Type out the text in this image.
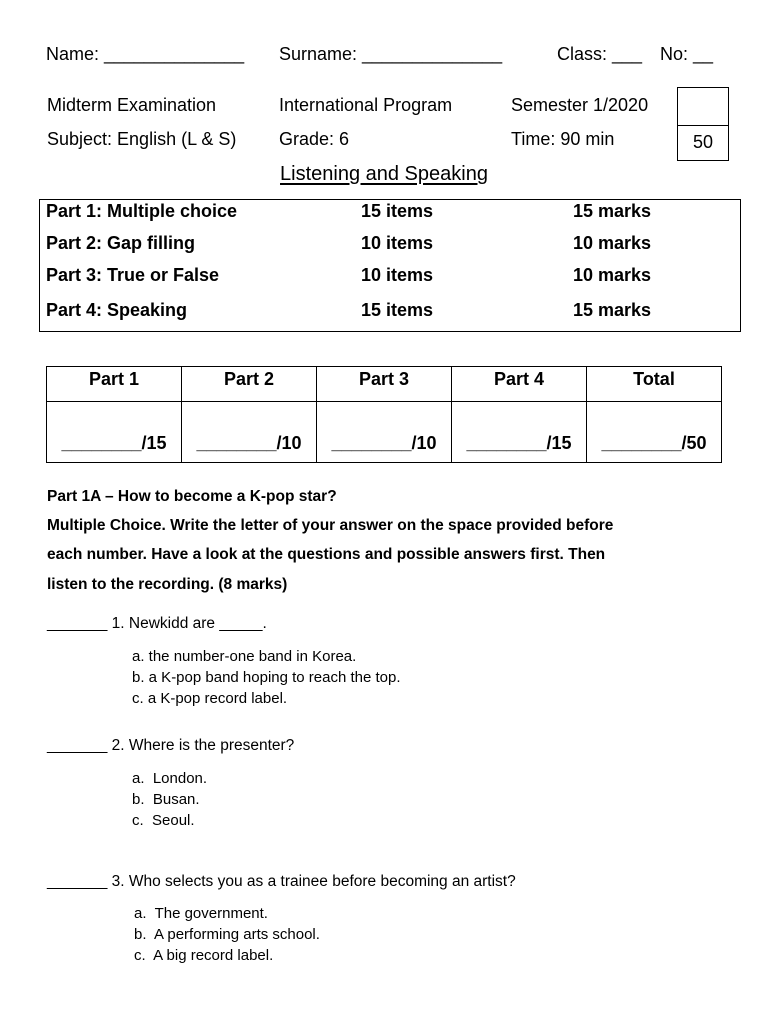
Name: ______________ Surname: ______________	Class: ___ No: __
Midterm Examination	International Program	Semester 1/2020
Subject: English (L & S) Grade: 6	Time: 90 min	50
Listening and Speaking
Part 1: Multiple choice	15 items	15 marks
Part 2: Gap filling	10 items	10 marks
Part 3: True or False	10 items	10 marks
Part 4: Speaking	15 items	15 marks
Part 1	Part 2	Part 3	Part 4	Total
________/15	________/10	________/10	________/15	________/50
Part 1A – How to become a K-pop star?
Multiple Choice. Write the letter of your answer on the space provided before
each number. Have a look at the questions and possible answers first. Then
listen to the recording. (8 marks)
_______ 1. Newkidd are _____.
a. the number-one band in Korea.
b. a K-pop band hoping to reach the top.
c. a K-pop record label.
_______ 2. Where is the presenter?
a.  London.
b.  Busan.
c.  Seoul.
_______ 3. Who selects you as a trainee before becoming an artist?
a.  The government.
b.  A performing arts school.
c.  A big record label.
